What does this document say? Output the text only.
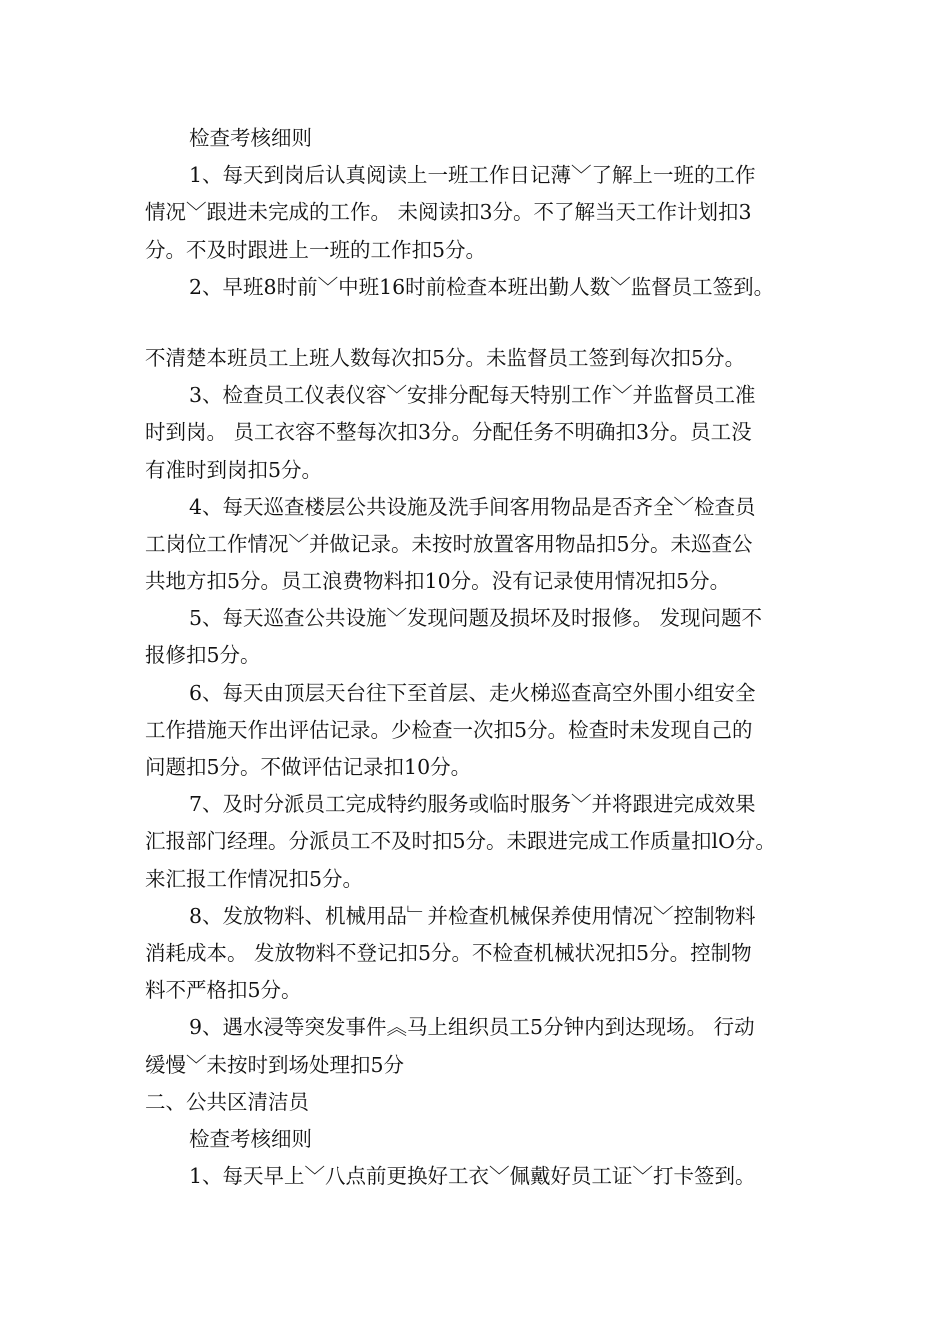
检查考核细则
1、每天到岗后认真阅读上一班工作日记薄﹀了解上一班的工作
情况﹀跟进未完成的工作。 未阅读扣3分。不了解当天工作计划扣3
分。不及时跟进上一班的工作扣5分。
2、早班8时前﹀中班16时前检查本班出勤人数﹀监督员工签到。
不清楚本班员工上班人数每次扣5分。未监督员工签到每次扣5分。
3、检查员工仪表仪容﹀安排分配每天特别工作﹀并监督员工准
时到岗。 员工衣容不整每次扣3分。分配任务不明确扣3分。员工没
有准时到岗扣5分。
4、每天巡查楼层公共设施及洗手间客用物品是否齐全﹀检查员
工岗位工作情况﹀并做记录。未按时放置客用物品扣5分。未巡查公
共地方扣5分。员工浪费物料扣10分。没有记录使用情况扣5分。
5、每天巡查公共设施﹀发现问题及损坏及时报修。 发现问题不
报修扣5分。
6、每天由顶层天台往下至首层、走火梯巡查高空外围小组安全
工作措施天作出评估记录。少检查一次扣5分。检查时未发现自己的
问题扣5分。不做评估记录扣10分。
7、及时分派员工完成特约服务或临时服务﹀并将跟进完成效果
汇报部门经理。分派员工不及时扣5分。未跟进完成工作质量扣lO分。
来汇报工作情况扣5分。
8、发放物料、机械用品﹂并检查机械保养使用情况﹀控制物料
消耗成本。 发放物料不登记扣5分。不检查机械状况扣5分。控制物
料不严格扣5分。
9、遇水浸等突发事件︽马上组织员工5分钟内到达现场。 行动
缓慢﹀未按时到场处理扣5分
二、公共区清洁员
检查考核细则
1、每天早上﹀八点前更换好工衣﹀佩戴好员工证﹀打卡签到。
